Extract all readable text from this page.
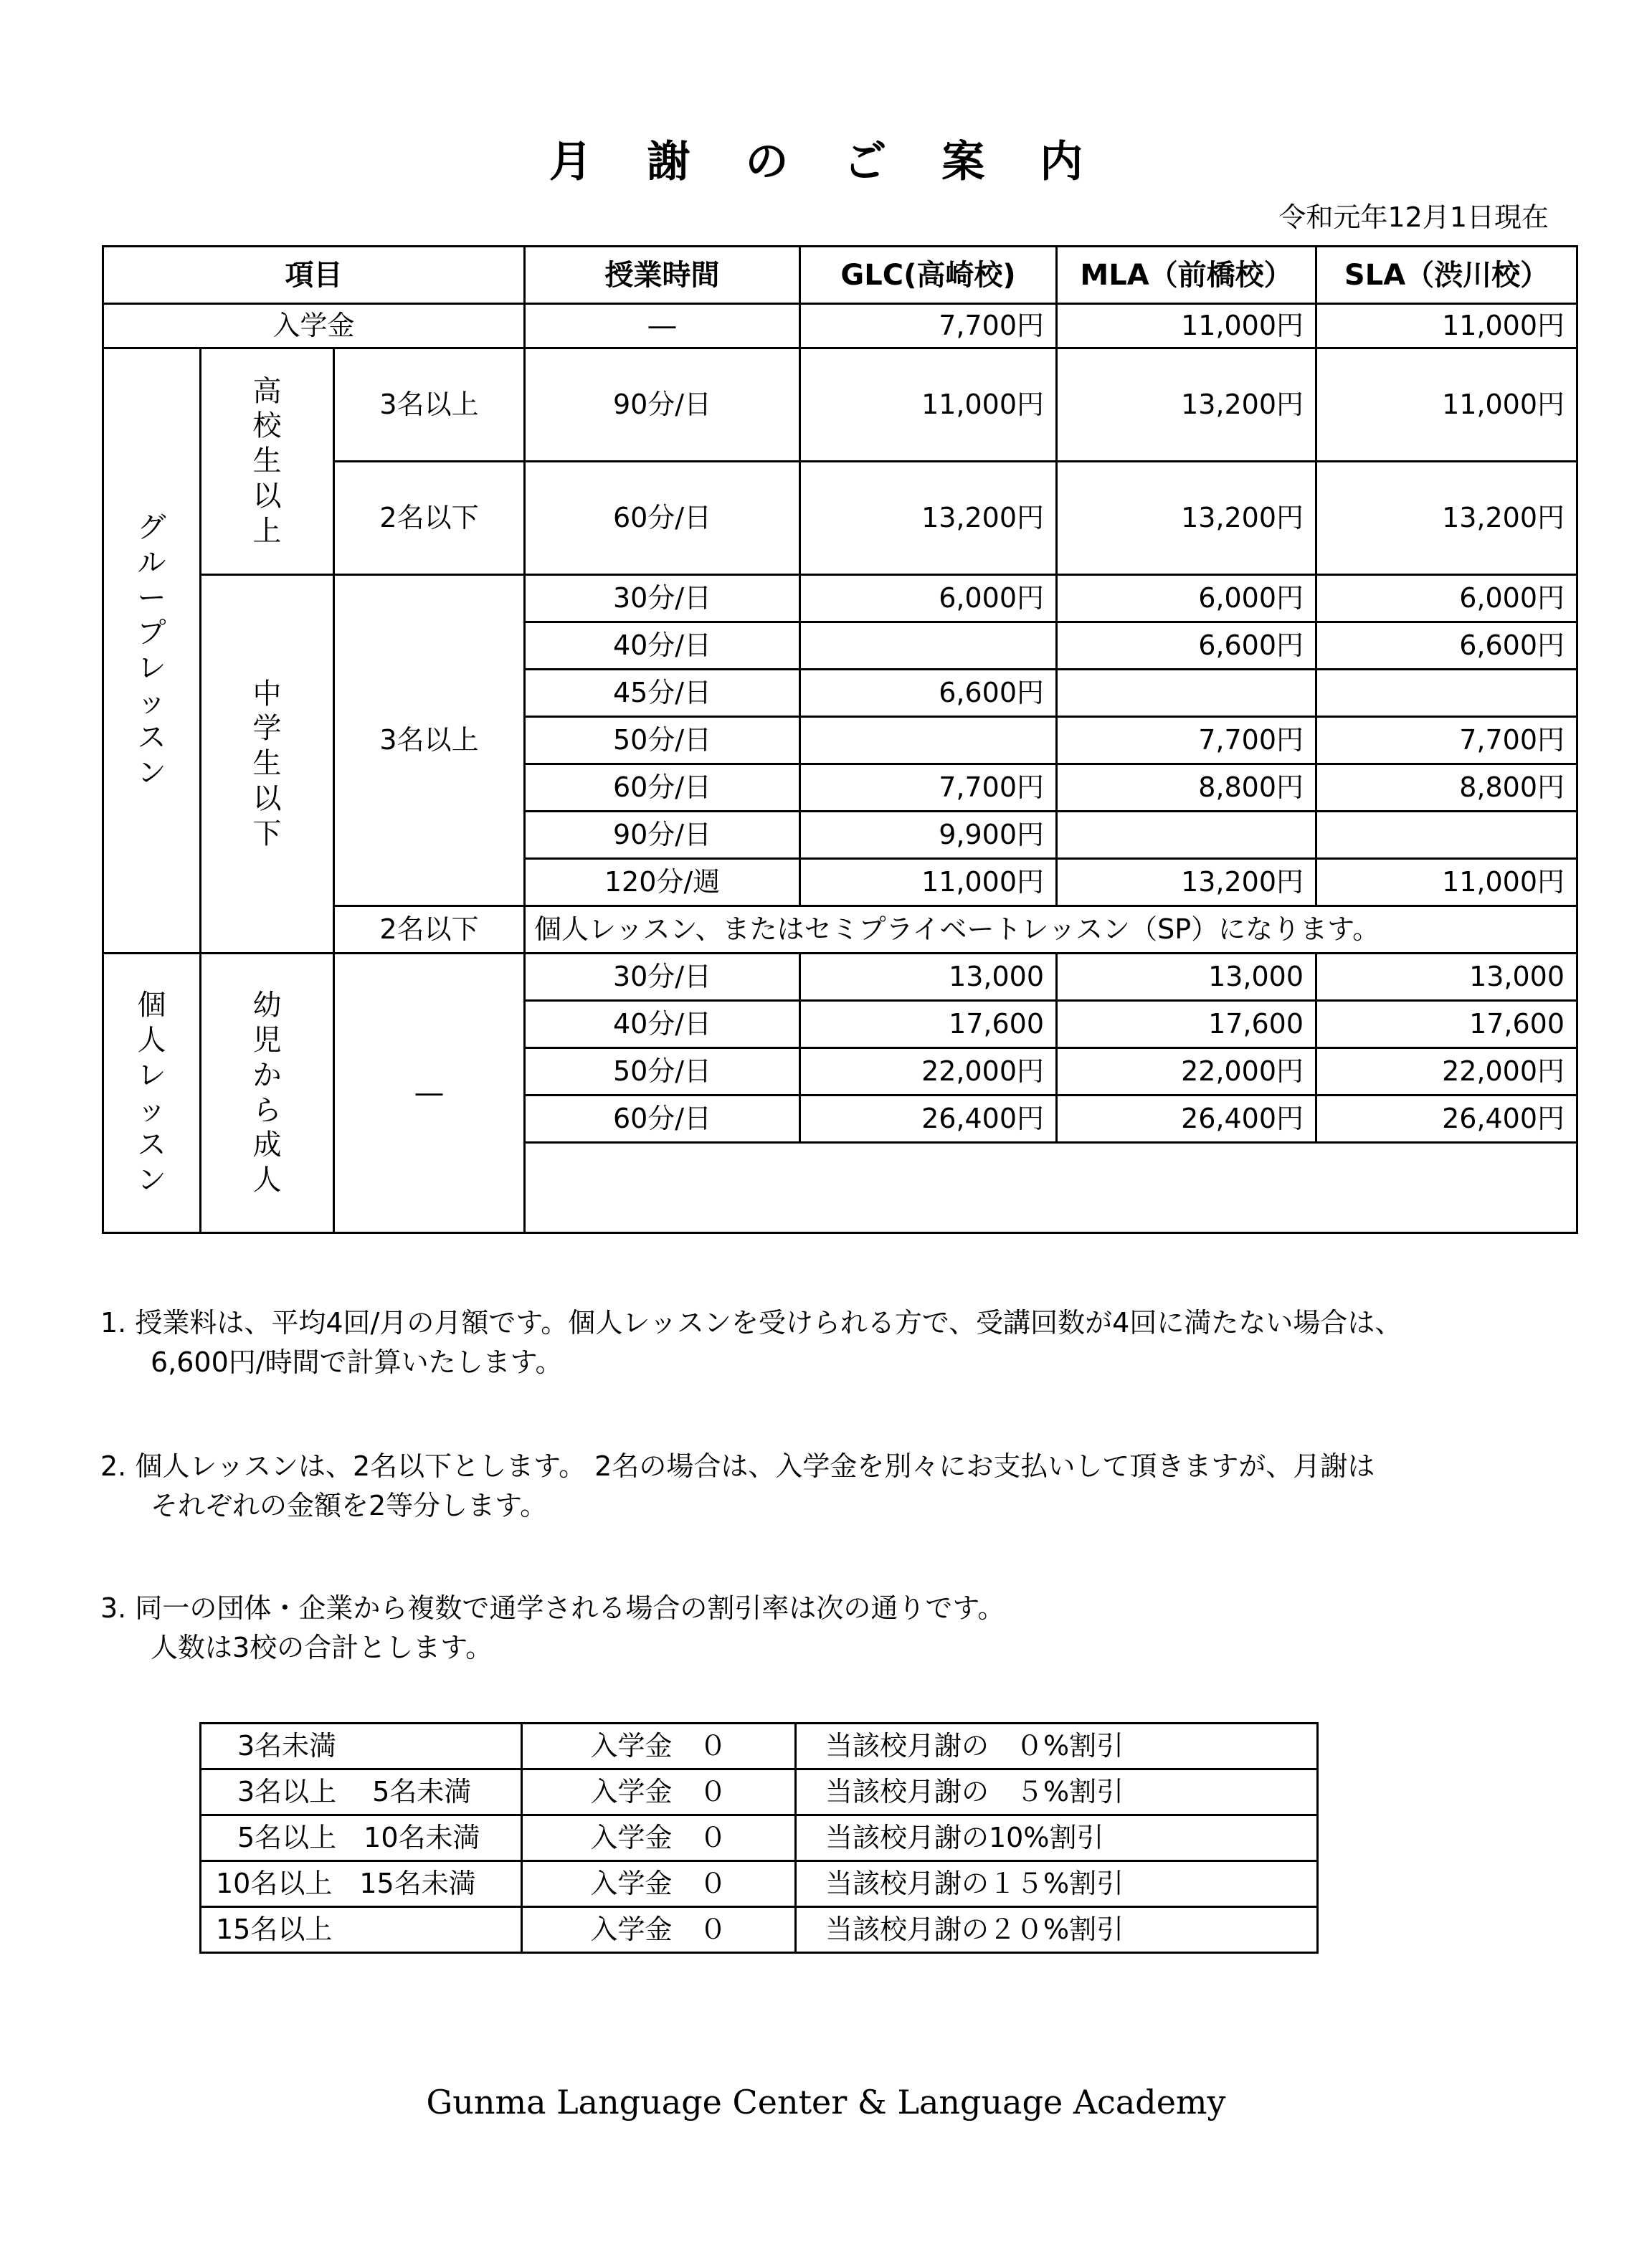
月 謝 の ご 案 内
令和元年12月1日現在
項目			授業時間	GLC(高崎校)	MLA（前橋校）	SLA（渋川校）
入学金			―	7,700円	11,000円	11,000円
グループレッスン	高校生以上	3名以上	90分/日	11,000円	13,200円	11,000円
		2名以下	60分/日	13,200円	13,200円	13,200円
	中学生以下	3名以上	30分/日	6,000円	6,000円	6,000円
			40分/日		6,600円	6,600円
			45分/日	6,600円		
			50分/日		7,700円	7,700円
			60分/日	7,700円	8,800円	8,800円
			90分/日	9,900円		
			120分/週	11,000円	13,200円	11,000円
		2名以下	個人レッスン、またはセミプライベートレッスン（SP）になります。			
個人レッスン	幼児から成人	―	30分/日	13,000	13,000	13,000
			40分/日	17,600	17,600	17,600
			50分/日	22,000円	22,000円	22,000円
			60分/日	26,400円	26,400円	26,400円

1. 授業料は、平均4回/月の月額です。個人レッスンを受けられる方で、受講回数が4回に満たない場合は、
6,600円/時間で計算いたします。
2. 個人レッスンは、2名以下とします。 2名の場合は、入学金を別々にお支払いして頂きますが、月謝は
それぞれの金額を2等分します。
3. 同一の団体・企業から複数で通学される場合の割引率は次の通りです。
人数は3校の合計とします。
3名未満	入学金　０	当該校月謝の　０%割引
3名以上　 5名未満	入学金　０	当該校月謝の　５%割引
5名以上　10名未満	入学金　０	当該校月謝の10%割引
10名以上　15名未満	入学金　０	当該校月謝の１５%割引
15名以上	入学金　０	当該校月謝の２０%割引
Gunma Language Center & Language Academy
